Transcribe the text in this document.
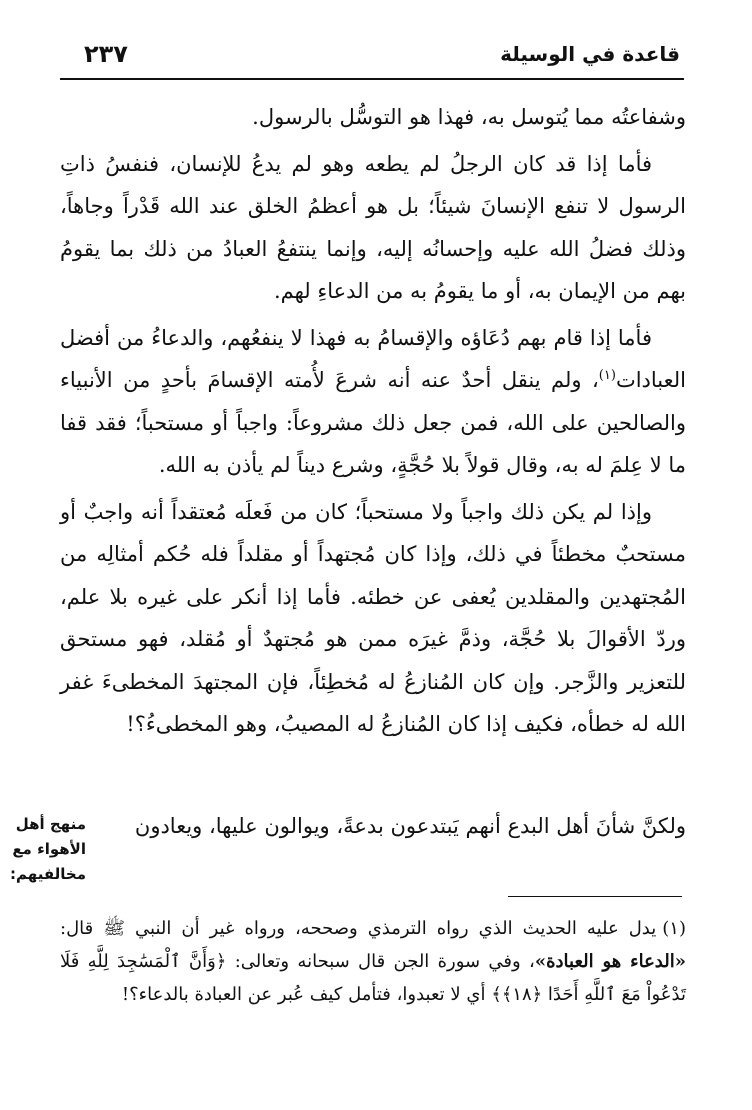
٢٣٧	قاعدة في الوسيلة

وشفاعتُه مما يُتوسل به، فهذا هو التوسُّل بالرسول.

فأما إذا قد كان الرجلُ لم يطعه وهو لم يدعُ للإنسان، فنفسُ ذاتِ الرسول لا تنفع الإنسانَ شيئاً؛ بل هو أعظمُ الخلق عند الله قَدْراً وجاهاً، وذلك فضلُ الله عليه وإحسانُه إليه، وإنما ينتفعُ العبادُ من ذلك بما يقومُ بهم من الإيمان به، أو ما يقومُ به من الدعاءِ لهم.

فأما إذا قام بهم دُعَاؤه والإقسامُ به فهذا لا ينفعُهم، والدعاءُ من أفضل العبادات$^{(١)}$، ولم ينقل أحدٌ عنه أنه شرعَ لأُمته الإقسامَ بأحدٍ من الأنبياء والصالحين على الله، فمن جعل ذلك مشروعاً: واجباً أو مستحباً؛ فقد قفا ما لا عِلمَ له به، وقال قولاً بلا حُجَّةٍ، وشرع ديناً لم يأذن به الله.

وإذا لم يكن ذلك واجباً ولا مستحباً؛ كان من فَعلَه مُعتقداً أنه واجبٌ أو مستحبٌ مخطئاً في ذلك، وإذا كان مُجتهداً أو مقلداً فله حُكم أمثالِه من المُجتهدين والمقلدين يُعفى عن خطئه. فأما إذا أنكر على غيره بلا علم، وردّ الأقوالَ بلا حُجَّة، وذمَّ غيرَه ممن هو مُجتهدٌ أو مُقلد، فهو مستحق للتعزير والزَّجر. وإن كان المُنازعُ له مُخطِئاً، فإن المجتهدَ المخطىءَ غفر الله له خطأه، فكيف إذا كان المُنازعُ له المصيبُ، وهو المخطىءُ؟!

منهج أهل الأهواء مع مخالفيهم:

ولكنَّ شأنَ أهل البدع أنهم يَبتدعون بدعةً، ويوالون عليها، ويعادون

(١)يدل عليه الحديث الذي رواه الترمذي وصححه، ورواه غير أن النبي ﷺ قال: «الدعاء هو العبادة»، وفي سورة الجن قال سبحانه وتعالى: ﴿وَأَنَّ ٱلْمَسَٰجِدَ لِلَّهِ فَلَا تَدْعُواْ مَعَ ٱللَّهِ أَحَدًا ﴿١٨﴾﴾ أي لا تعبدوا، فتأمل كيف عُبر عن العبادة بالدعاء؟!
